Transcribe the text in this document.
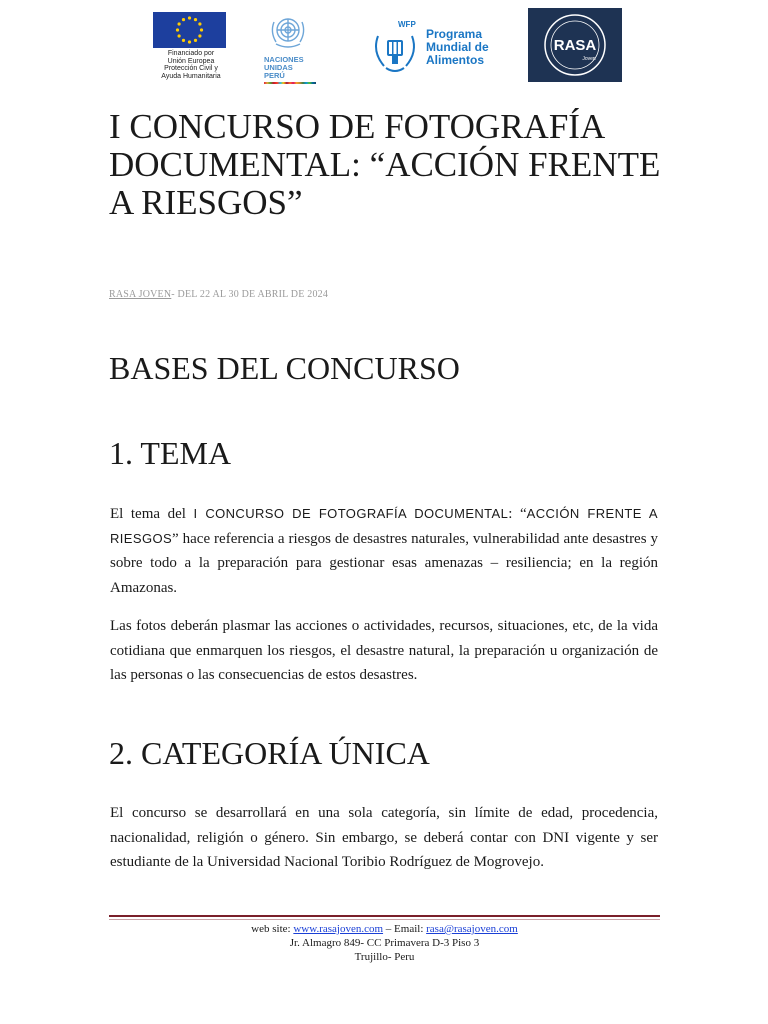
Financiado por
Unión Europea
Protección Civil y
Ayuda Humanitaria
NACIONES
UNIDAS
PERÚ
WFP
Programa
Mundial de
Alimentos
RASA
Joven
I CONCURSO DE FOTOGRAFÍA DOCUMENTAL: “ACCIÓN FRENTE A RIESGOS”

RASA JOVEN- DEL 22 AL 30 DE ABRIL DE 2024

BASES DEL CONCURSO
1. TEMA

El tema del I CONCURSO DE FOTOGRAFÍA DOCUMENTAL: “ACCIÓN FRENTE A RIESGOS” hace referencia a riesgos de desastres naturales, vulnerabilidad ante desastres y sobre todo a la preparación para gestionar esas amenazas – resiliencia; en la región Amazonas.

Las fotos deberán plasmar las acciones o actividades, recursos, situaciones, etc, de la vida cotidiana que enmarquen los riesgos, el desastre natural, la preparación u organización de las personas o las consecuencias de estos desastres.

2. CATEGORÍA ÚNICA

El concurso se desarrollará en una sola categoría, sin límite de edad, procedencia, nacionalidad, religión o género. Sin embargo, se deberá contar con DNI vigente y ser estudiante de la Universidad Nacional Toribio Rodríguez de Mogrovejo.

web site: www.rasajoven.com – Email: rasa@rasajoven.com
Jr. Almagro 849- CC Primavera D-3 Piso 3
Trujillo- Peru
